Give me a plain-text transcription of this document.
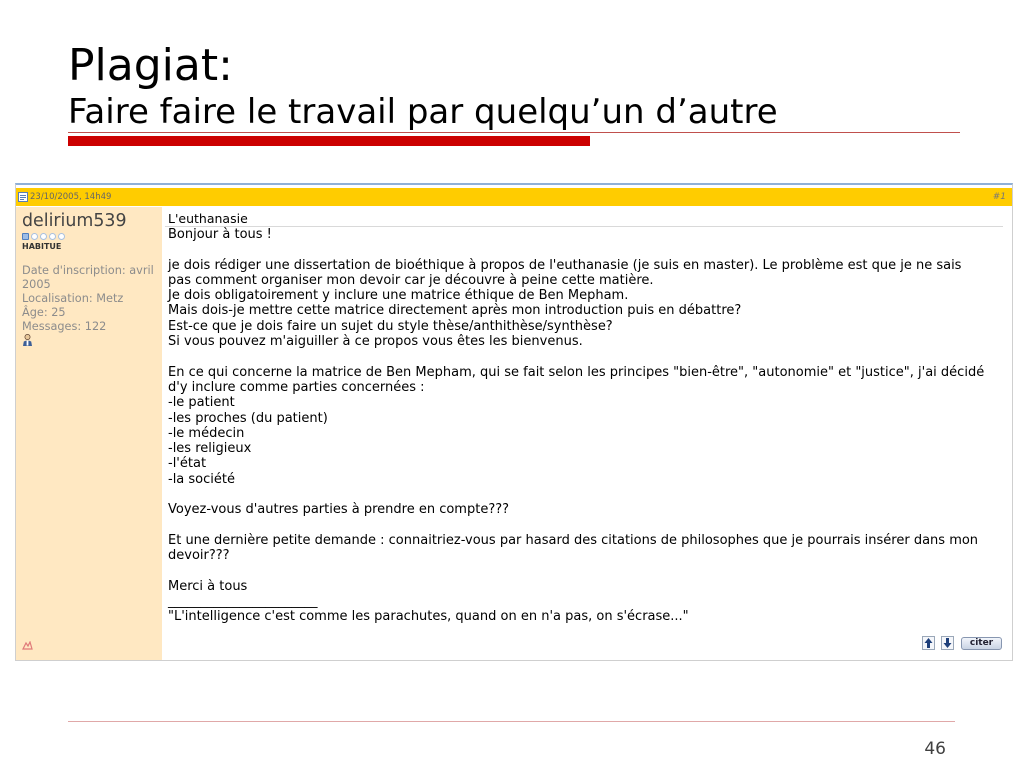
Plagiat:
Faire faire le travail par quelqu’un d’autre
23/10/2005, 14h49	#1
delirium539
HABITUE
Date d'inscription: avril 2005
Localisation: Metz
Âge: 25
Messages: 122
L'euthanasie
Bonjour à tous !
je dois rédiger une dissertation de bioéthique à propos de l'euthanasie (je suis en master). Le problème est que je ne sais
pas comment organiser mon devoir car je découvre à peine cette matière.
Je dois obligatoirement y inclure une matrice éthique de Ben Mepham.
Mais dois-je mettre cette matrice directement après mon introduction puis en débattre?
Est-ce que je dois faire un sujet du style thèse/anthithèse/synthèse?
Si vous pouvez m'aiguiller à ce propos vous êtes les bienvenus.
En ce qui concerne la matrice de Ben Mepham, qui se fait selon les principes "bien-être", "autonomie" et "justice", j'ai décidé
d'y inclure comme parties concernées :
-le patient
-les proches (du patient)
-le médecin
-les religieux
-l'état
-la société
Voyez-vous d'autres parties à prendre en compte???
Et une dernière petite demande : connaitriez-vous par hasard des citations de philosophes que je pourrais insérer dans mon
devoir???
Merci à tous
_______________________
"L'intelligence c'est comme les parachutes, quand on en n'a pas, on s'écrase..."
citer
46
